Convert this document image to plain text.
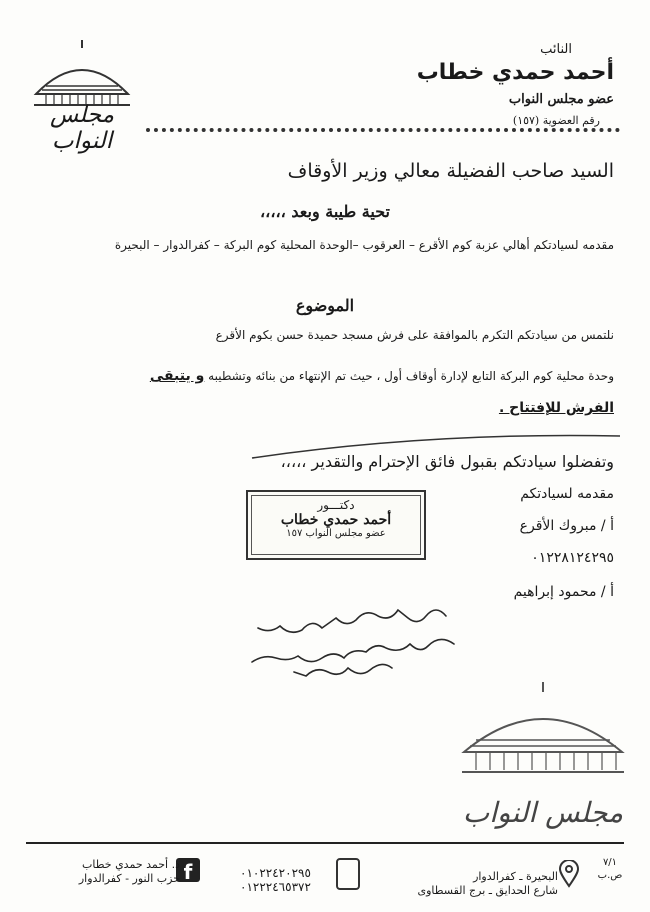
النائب
أحمد حمدي خطاب
عضو مجلس النواب
رقم العضوية (١٥٧)
مجلس النواب
السيد صاحب الفضيلة معالي وزير الأوقاف
تحية طيبة وبعد ،،،،،
مقدمه لسيادتكم أهالي عزبة كوم الأقرع – العرقوب –الوحدة المحلية كوم البركة – كفرالدوار – البحيرة
الموضوع
نلتمس من سيادتكم التكرم بالموافقة على فرش مسجد حميدة حسن بكوم الأقرع
وحدة محلية كوم البركة التابع لإدارة أوقاف أول ، حيث تم الإنتهاء من بنائه وتشطيبه و يتبقى
الفرش للإفتتاح .
وتفضلوا سيادتكم بقبول فائق الإحترام والتقدير ،،،،،
مقدمه لسيادتكم
أ / مبروك الأقرع
٠١٢٢٨١٢٤٢٩٥
أ / محمود إبراهيم
دكتـــور
أحمد حمدي خطاب
عضو مجلس النواب ١٥٧
مجلس النواب
٧/١
ص.ب
البحيرة ـ كفرالدوار
شارع الحدايق ـ برج القسطاوى
٠١٠٢٢٤٢٠٢٩٥
٠١٢٢٢٤٦٥٣٧٢
f
د. أحمد حمدي خطاب
حزب النور - كفرالدوار
